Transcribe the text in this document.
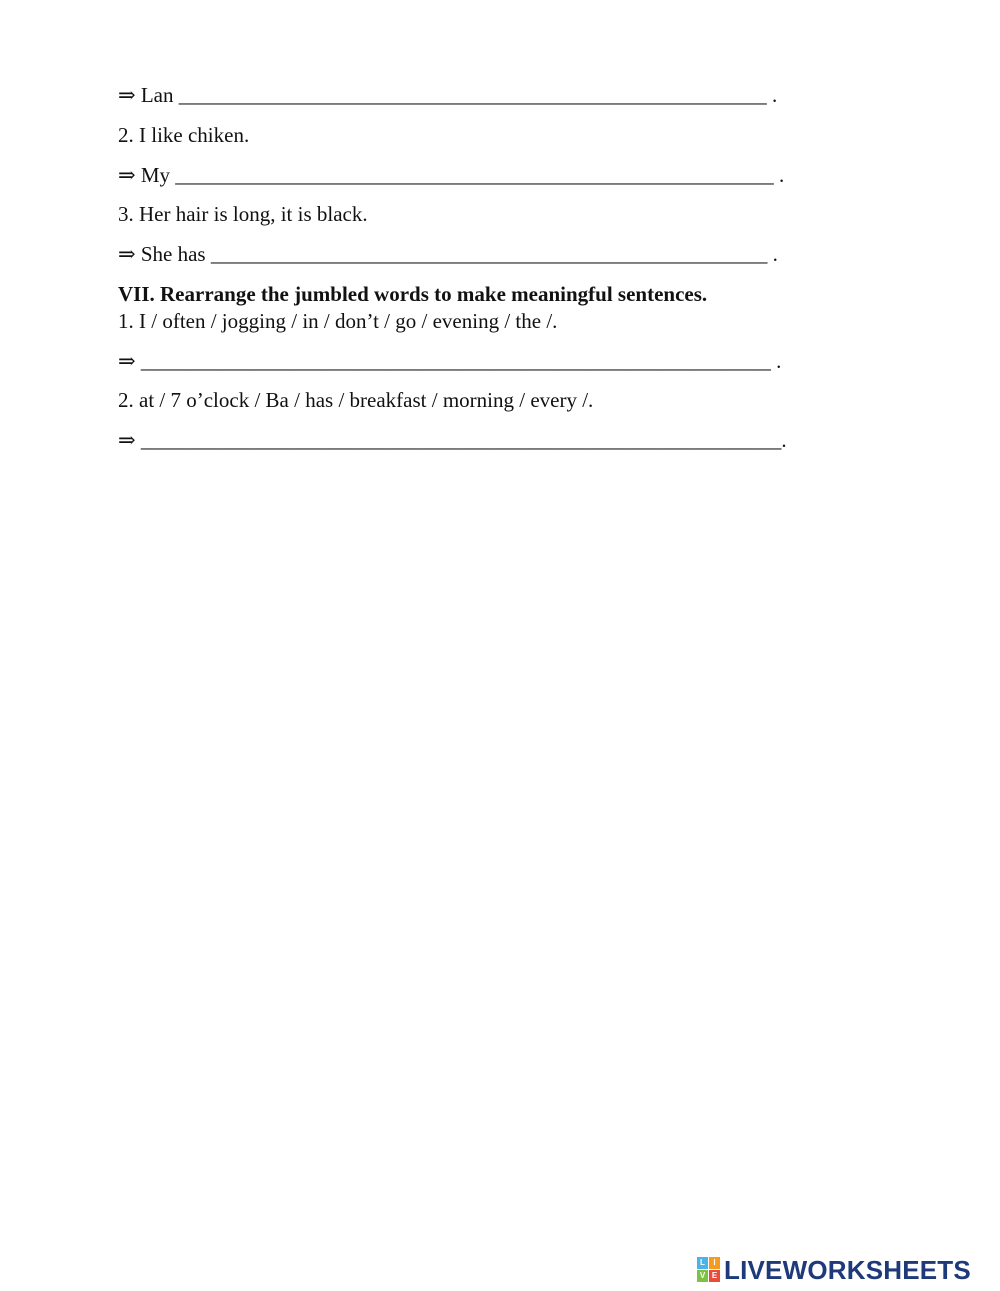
⇒ Lan ________________________________________________________ .
2. I like chiken.
⇒ My _________________________________________________________ .
3. Her hair is long, it is black.
⇒ She has _____________________________________________________ .
VII. Rearrange the jumbled words to make meaningful sentences.
1. I / often / jogging / in / don’t / go / evening / the /.
⇒ ____________________________________________________________ .
2. at / 7 o’clock / Ba / has / breakfast / morning / every /.
⇒ _____________________________________________________________.
L	I
V E LIVEWORKSHEETS
